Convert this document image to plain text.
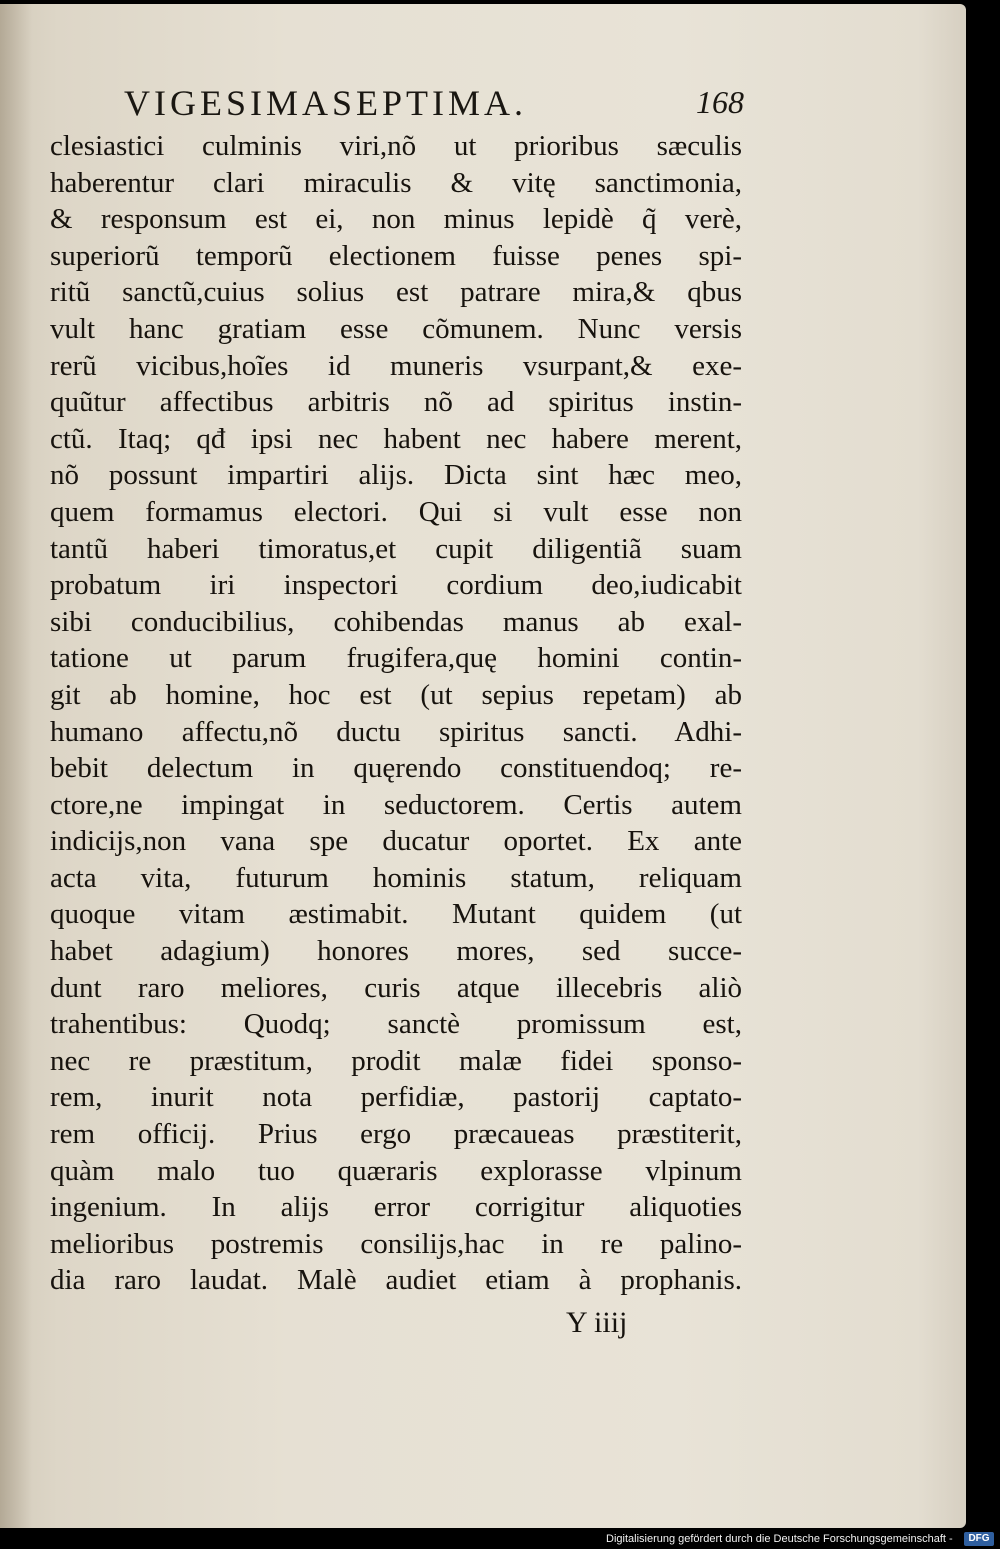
VIGESIMASEPTIMA.	168
clesiastici culminis viri,nõ ut prioribus sæculis
haberentur clari miraculis & vitę sanctimonia,
& responsum est ei, non minus lepidè q̃ verè,
superiorũ temporũ electionem fuisse penes spi-
ritũ sanctũ,cuius solius est patrare mira,& qbus
vult hanc gratiam esse cõmunem. Nunc versis
rerũ vicibus,hoĩes id muneris vsurpant,& exe-
quũtur affectibus arbitris nõ ad spiritus instin-
ctũ. Itaq; qđ ipsi nec habent nec habere merent,
nõ possunt impartiri alijs. Dicta sint hæc meo,
quem formamus electori. Qui si vult esse non
tantũ haberi timoratus,et cupit diligentiã suam
probatum iri inspectori cordium deo,iudicabit
sibi conducibilius, cohibendas manus ab exal-
tatione ut parum frugifera,quę homini contin-
git ab homine, hoc est (ut sepius repetam) ab
humano affectu,nõ ductu spiritus sancti. Adhi-
bebit delectum in quęrendo constituendoq; re-
ctore,ne impingat in seductorem. Certis autem
indicijs,non vana spe ducatur oportet. Ex ante
acta vita, futurum hominis statum, reliquam
quoque vitam æstimabit. Mutant quidem (ut
habet adagium) honores mores, sed succe-
dunt raro meliores, curis atque illecebris aliò
trahentibus: Quodq; sanctè promissum est,
nec re præstitum, prodit malæ fidei sponso-
rem, inurit nota perfidiæ, pastorij captato-
rem officij. Prius ergo præcaueas præstiterit,
quàm malo tuo quæraris explorasse vlpinum
ingenium. In alijs error corrigitur aliquoties
melioribus postremis consilijs,hac in re palino-
dia raro laudat. Malè audiet etiam à prophanis.
Y iiij
Digitalisierung gefördert durch die Deutsche Forschungsgemeinschaft -	DFG
